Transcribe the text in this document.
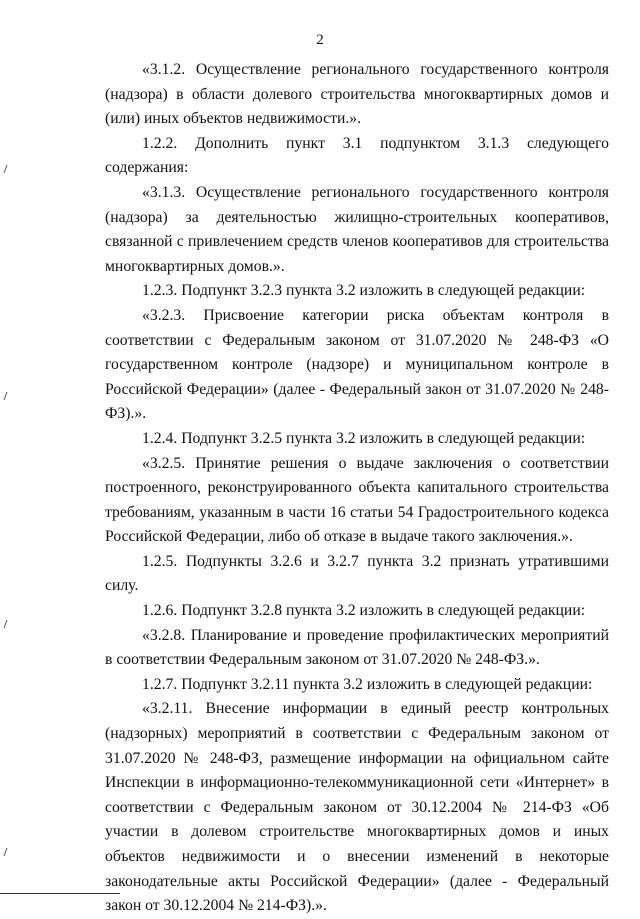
2

«3.1.2. Осуществление регионального государственного контроля (надзора) в области долевого строительства многоквартирных домов и (или) иных объектов недвижимости.».

1.2.2. Дополнить пункт 3.1 подпунктом 3.1.3 следующего содержания:

«3.1.3. Осуществление регионального государственного контроля (надзора) за деятельностью жилищно-строительных кооперативов, связанной с привлечением средств членов кооперативов для строительства многоквартирных домов.».

1.2.3. Подпункт 3.2.3 пункта 3.2 изложить в следующей редакции:

«3.2.3. Присвоение категории риска объектам контроля в соответствии с Федеральным законом от 31.07.2020 № 248-ФЗ «О государственном контроле (надзоре) и муниципальном контроле в Российской Федерации» (далее - Федеральный закон от 31.07.2020 № 248-ФЗ).».

1.2.4. Подпункт 3.2.5 пункта 3.2 изложить в следующей редакции:

«3.2.5. Принятие решения о выдаче заключения о соответствии построенного, реконструированного объекта капитального строительства требованиям, указанным в части 16 статьи 54 Градостроительного кодекса Российской Федерации, либо об отказе в выдаче такого заключения.».

1.2.5. Подпункты 3.2.6 и 3.2.7 пункта 3.2 признать утратившими силу.

1.2.6. Подпункт 3.2.8 пункта 3.2 изложить в следующей редакции:

«3.2.8. Планирование и проведение профилактических мероприятий в соответствии Федеральным законом от 31.07.2020 № 248-ФЗ.».

1.2.7. Подпункт 3.2.11 пункта 3.2 изложить в следующей редакции:

«3.2.11. Внесение информации в единый реестр контрольных (надзорных) мероприятий в соответствии с Федеральным законом от 31.07.2020 № 248-ФЗ, размещение информации на официальном сайте Инспекции в информационно-телекоммуникационной сети «Интернет» в соответствии с Федеральным законом от 30.12.2004 № 214-ФЗ «Об участии в долевом строительстве многоквартирных домов и иных объектов недвижимости и о внесении изменений в некоторые законодательные акты Российской Федерации» (далее - Федеральный закон от 30.12.2004 № 214-ФЗ).».
